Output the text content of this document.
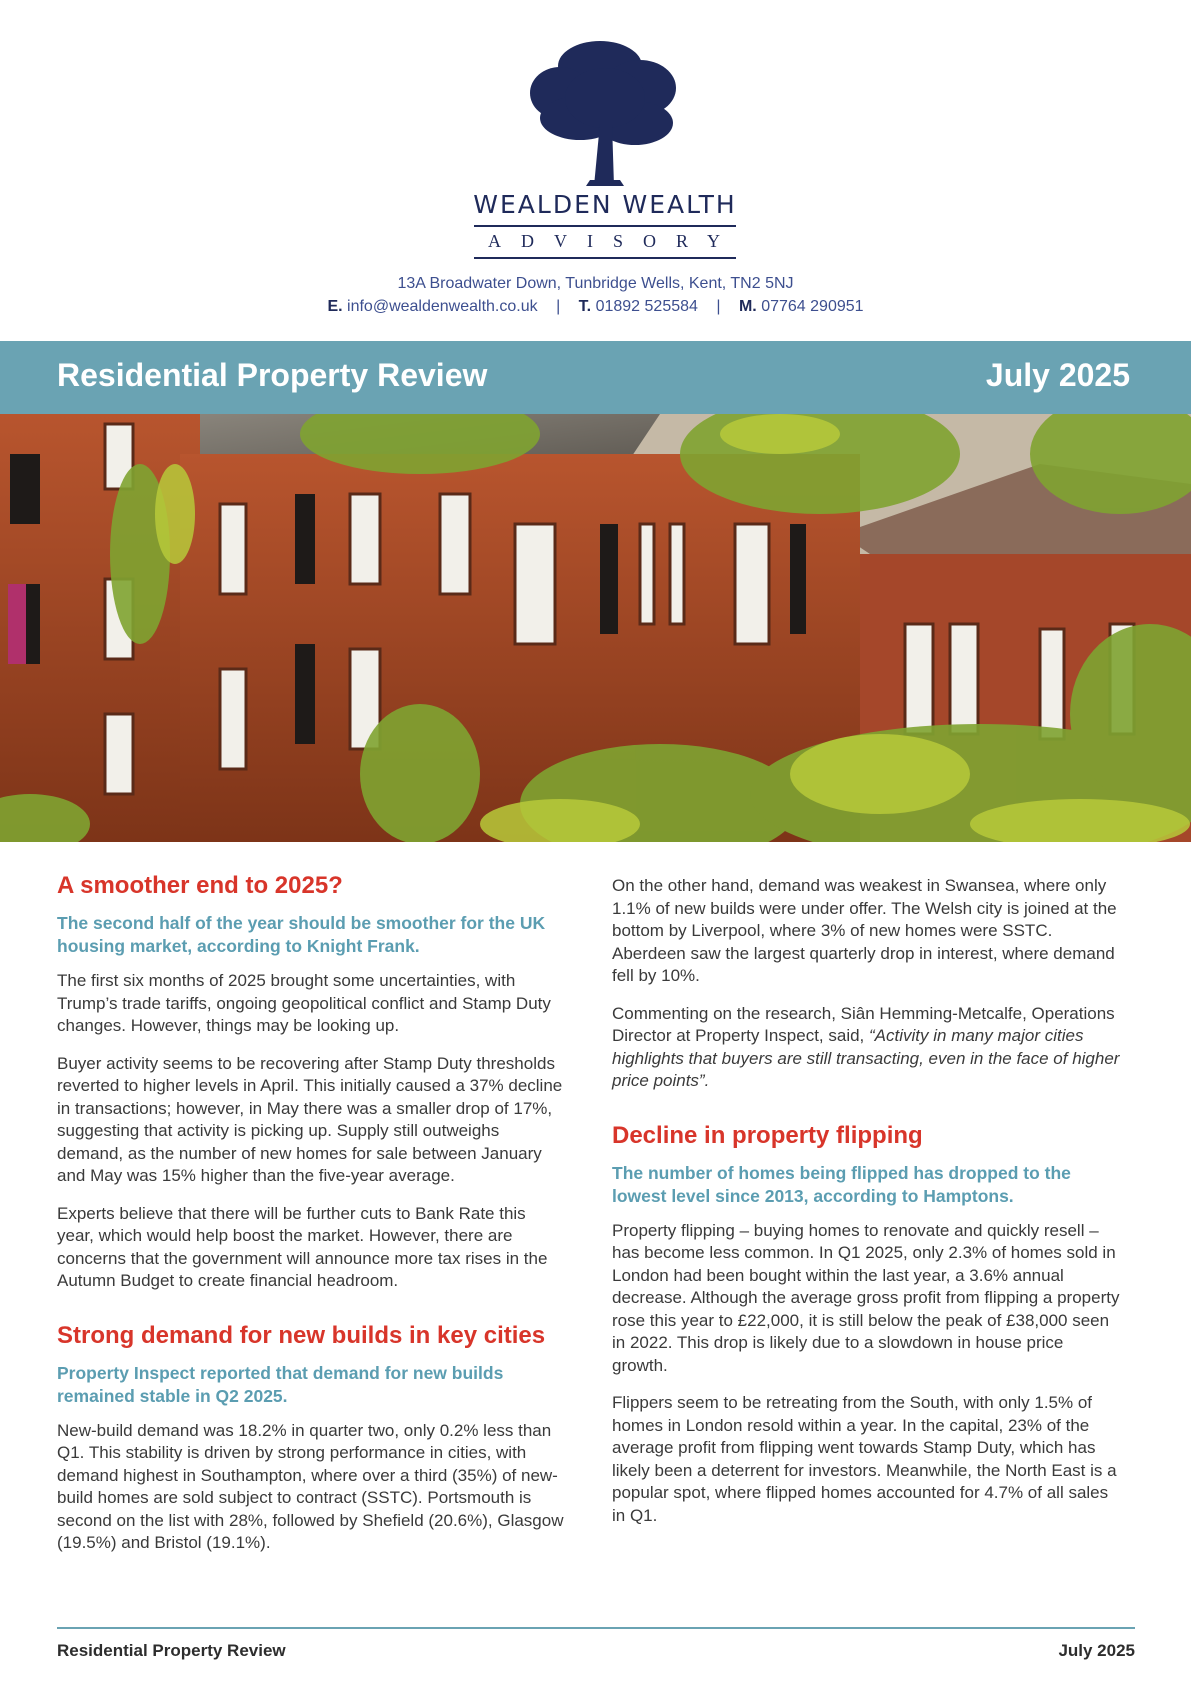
WEALDEN WEALTH
ADVISORY
13A Broadwater Down, Tunbridge Wells, Kent, TN2 5NJ
E. info@wealdenwealth.co.uk | T. 01892 525584 | M. 07764 290951
Residential Property Review	July 2025
A smoother end to 2025?
The second half of the year should be smoother for the UK housing market, according to Knight Frank.

The first six months of 2025 brought some uncertainties, with Trump’s trade tariffs, ongoing geopolitical conflict and Stamp Duty changes. However, things may be looking up.

Buyer activity seems to be recovering after Stamp Duty thresholds reverted to higher levels in April. This initially caused a 37% decline in transactions; however, in May there was a smaller drop of 17%, suggesting that activity is picking up. Supply still outweighs demand, as the number of new homes for sale between January and May was 15% higher than the five-year average.

Experts believe that there will be further cuts to Bank Rate this year, which would help boost the market. However, there are concerns that the government will announce more tax rises in the Autumn Budget to create financial headroom.

Strong demand for new builds in key cities
Property Inspect reported that demand for new builds remained stable in Q2 2025.

New-build demand was 18.2% in quarter two, only 0.2% less than Q1. This stability is driven by strong performance in cities, with demand highest in Southampton, where over a third (35%) of new-build homes are sold subject to contract (SSTC). Portsmouth is second on the list with 28%, followed by Shefield (20.6%), Glasgow (19.5%) and Bristol (19.1%).

On the other hand, demand was weakest in Swansea, where only 1.1% of new builds were under offer. The Welsh city is joined at the bottom by Liverpool, where 3% of new homes were SSTC. Aberdeen saw the largest quarterly drop in interest, where demand fell by 10%.

Commenting on the research, Siân Hemming-Metcalfe, Operations Director at Property Inspect, said, “Activity in many major cities highlights that buyers are still transacting, even in the face of higher price points”.

Decline in property flipping
The number of homes being flipped has dropped to the lowest level since 2013, according to Hamptons.

Property flipping – buying homes to renovate and quickly resell – has become less common. In Q1 2025, only 2.3% of homes sold in London had been bought within the last year, a 3.6% annual decrease. Although the average gross profit from flipping a property rose this year to £22,000, it is still below the peak of £38,000 seen in 2022. This drop is likely due to a slowdown in house price growth.

Flippers seem to be retreating from the South, with only 1.5% of homes in London resold within a year. In the capital, 23% of the average profit from flipping went towards Stamp Duty, which has likely been a deterrent for investors. Meanwhile, the North East is a popular spot, where flipped homes accounted for 4.7% of all sales in Q1.

Residential Property Review	July 2025
